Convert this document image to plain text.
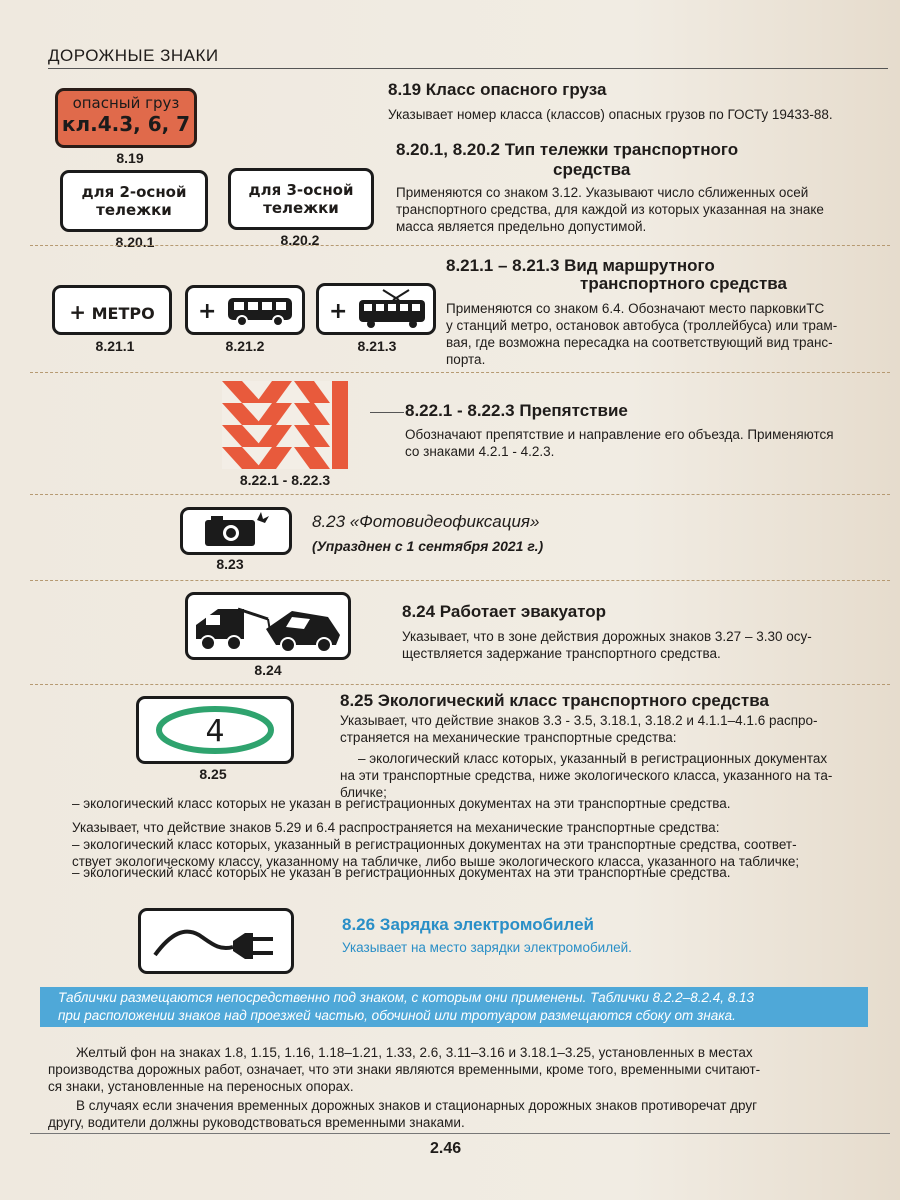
ДОРОЖНЫЕ ЗНАКИ
опасный груз
кл.4.3, 6, 7
8.19
8.19 Класс опасного груза
Указывает номер класса (классов) опасных грузов по ГОСТу 19433-88.
для 2-осной
тележки
8.20.1
для 3-осной
тележки
8.20.2
8.20.1, 8.20.2 Тип тележки транспортного
средства
Применяются со знаком 3.12. Указывают число сближенных осей
транспортного средства, для каждой из которых указанная на знаке
масса является предельно допустимой.
+ МЕТРО
8.21.1
+
8.21.2
+
8.21.3
8.21.1 – 8.21.3 Вид маршрутного
транспортного средства
Применяются со знаком 6.4. Обозначают место парковкиТС
у станций метро, остановок автобуса (троллейбуса) или трам-
вая, где возможна пересадка на соответствующий вид транс-
порта.
8.22.1 - 8.22.3
8.22.1 - 8.22.3 Препятствие
Обозначают препятствие и направление его объезда. Применяются
со знаками 4.2.1 - 4.2.3.
8.23
8.23 «Фотовидеофиксация»
(Упразднен с 1 сентября 2021 г.)
8.24
8.24 Работает эвакуатор
Указывает, что в зоне действия дорожных знаков 3.27 – 3.30 осу-
ществляется задержание транспортного средства.
4
8.25
8.25 Экологический класс транспортного средства
Указывает, что действие знаков 3.3 - 3.5, 3.18.1, 3.18.2 и 4.1.1–4.1.6 распро-
страняется на механические транспортные средства:
– экологический класс которых, указанный в регистрационных документах
на эти транспортные средства, ниже экологического класса, указанного на та-
бличке;
– экологический класс которых не указан в регистрационных документах на эти транспортные средства.
Указывает, что действие знаков 5.29 и 6.4 распространяется на механические транспортные средства:
– экологический класс которых, указанный в регистрационных документах на эти транспортные средства, соответ-
ствует экологическому классу, указанному на табличке, либо выше экологического класса, указанного на табличке;
– экологический класс которых не указан в регистрационных документах на эти транспортные средства.
8.26 Зарядка электромобилей
Указывает на место зарядки электромобилей.
Таблички размещаются непосредственно под знаком, с которым они применены. Таблички 8.2.2–8.2.4, 8.13
при расположении знаков над проезжей частью, обочиной или тротуаром размещаются сбоку от знака.
Желтый фон на знаках 1.8, 1.15, 1.16, 1.18–1.21, 1.33, 2.6, 3.11–3.16 и 3.18.1–3.25, установленных в местах
производства дорожных работ, означает, что эти знаки являются временными, кроме того, временными считают-
ся знаки, установленные на переносных опорах.
В случаях если значения временных дорожных знаков и стационарных дорожных знаков противоречат друг
другу, водители должны руководствоваться временными знаками.
2.46
